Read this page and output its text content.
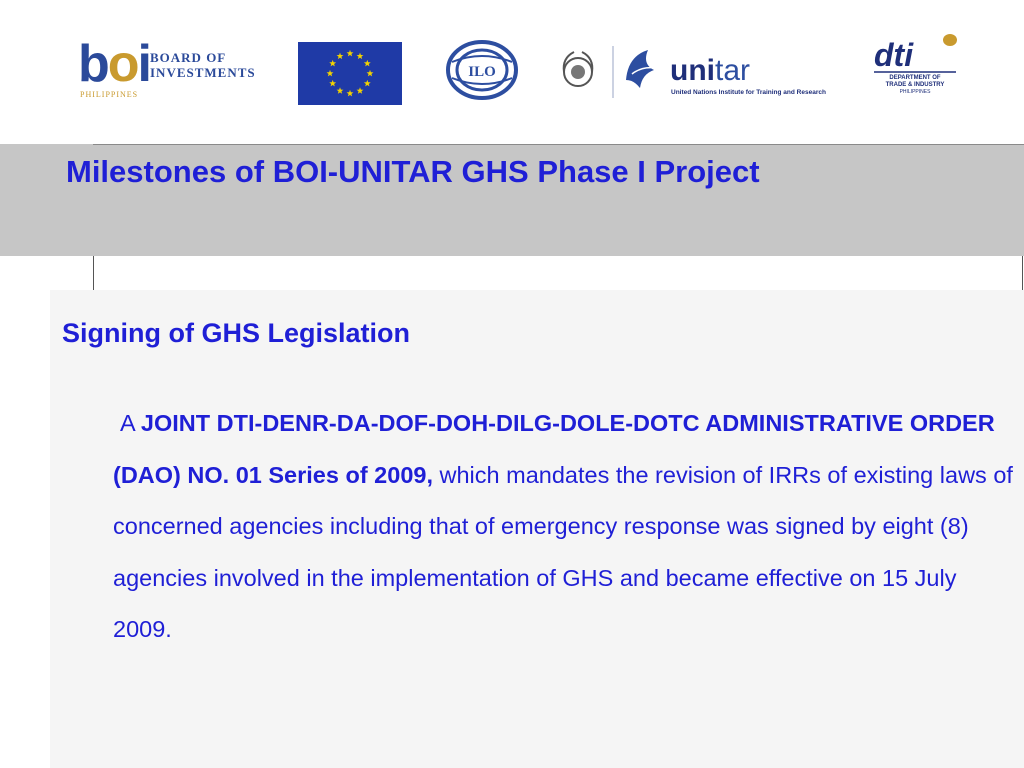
boi BOARD OF
INVESTMENTS
PHILIPPINES
ILO	unitar
United Nations Institute for Training and Research
dti
DEPARTMENT OF
TRADE & INDUSTRY
PHILIPPINES
Milestones of BOI-UNITAR GHS Phase I Project
Signing of GHS Legislation

A JOINT DTI-DENR-DA-DOF-DOH-DILG-DOLE-DOTC ADMINISTRATIVE ORDER (DAO) NO. 01 Series of 2009, which mandates the revision of IRRs of existing laws of concerned agencies including that of emergency response was signed by eight (8) agencies involved in the implementation of GHS and became effective on 15 July 2009.
